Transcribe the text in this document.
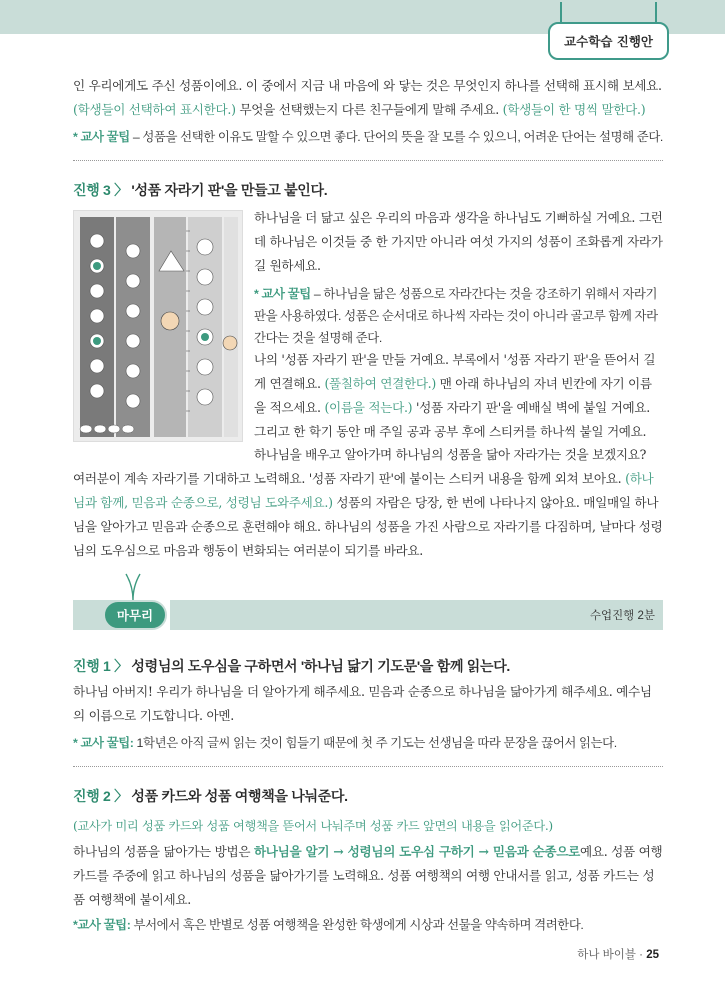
교수학습 진행안
인 우리에게도 주신 성품이에요. 이 중에서 지금 내 마음에 와 닿는 것은 무엇인지 하나를 선택해 표시해 보세요.
(학생들이 선택하여 표시한다.) 무엇을 선택했는지 다른 친구들에게 말해 주세요. (학생들이 한 명씩 말한다.)
* 교사 꿀팁 – 성품을 선택한 이유도 말할 수 있으면 좋다. 단어의 뜻을 잘 모를 수 있으니, 어려운 단어는 설명해 준다.
진행 3 〉 '성품 자라기 판'을 만들고 붙인다.
하나님을 더 닮고 싶은 우리의 마음과 생각을 하나님도 기뻐하실 거예요. 그런데 하나님은 이것들 중 한 가지만 아니라 여섯 가지의 성품이 조화롭게 자라가길 원하세요.
* 교사 꿀팁 – 하나님을 닮은 성품으로 자라간다는 것을 강조하기 위해서 자라기 판을 사용하였다. 성품은 순서대로 하나씩 자라는 것이 아니라 골고루 함께 자라간다는 것을 설명해 준다.
나의 '성품 자라기 판'을 만들 거예요. 부록에서 '성품 자라기 판'을 뜯어서 길게 연결해요. (풀칠하여 연결한다.) 맨 아래 하나님의 자녀 빈칸에 자기 이름을 적으세요. (이름을 적는다.) '성품 자라기 판'을 예배실 벽에 붙일 거예요. 그리고 한 학기 동안 매 주일 공과 공부 후에 스티커를 하나씩 붙일 거예요.
하나님을 배우고 알아가며 하나님의 성품을 닮아 자라가는 것을 보겠지요?
여러분이 계속 자라기를 기대하고 노력해요. '성품 자라기 판'에 붙이는 스티커 내용을 함께 외쳐 보아요. (하나님과 함께, 믿음과 순종으로, 성령님 도와주세요.) 성품의 자람은 당장, 한 번에 나타나지 않아요. 매일매일 하나님을 알아가고 믿음과 순종으로 훈련해야 해요. 하나님의 성품을 가진 사람으로 자라기를 다짐하며, 날마다 성령님의 도우심으로 마음과 행동이 변화되는 여러분이 되기를 바라요.
마무리	수업진행 2분
진행 1 〉 성령님의 도우심을 구하면서 '하나님 닮기 기도문'을 함께 읽는다.
하나님 아버지! 우리가 하나님을 더 알아가게 해주세요. 믿음과 순종으로 하나님을 닮아가게 해주세요. 예수님의 이름으로 기도합니다. 아멘.
* 교사 꿀팁: 1학년은 아직 글씨 읽는 것이 힘들기 때문에 첫 주 기도는 선생님을 따라 문장을 끊어서 읽는다.
진행 2 〉 성품 카드와 성품 여행책을 나눠준다.
(교사가 미리 성품 카드와 성품 여행책을 뜯어서 나눠주며 성품 카드 앞면의 내용을 읽어준다.)
하나님의 성품을 닮아가는 방법은 하나님을 알기 → 성령님의 도우심 구하기 → 믿음과 순종으로예요. 성품 여행 카드를 주중에 읽고 하나님의 성품을 닮아가기를 노력해요. 성품 여행책의 여행 안내서를 읽고, 성품 카드는 성품 여행책에 붙이세요.
*교사 꿀팁: 부서에서 혹은 반별로 성품 여행책을 완성한 학생에게 시상과 선물을 약속하며 격려한다.
하나 바이블 · 25
